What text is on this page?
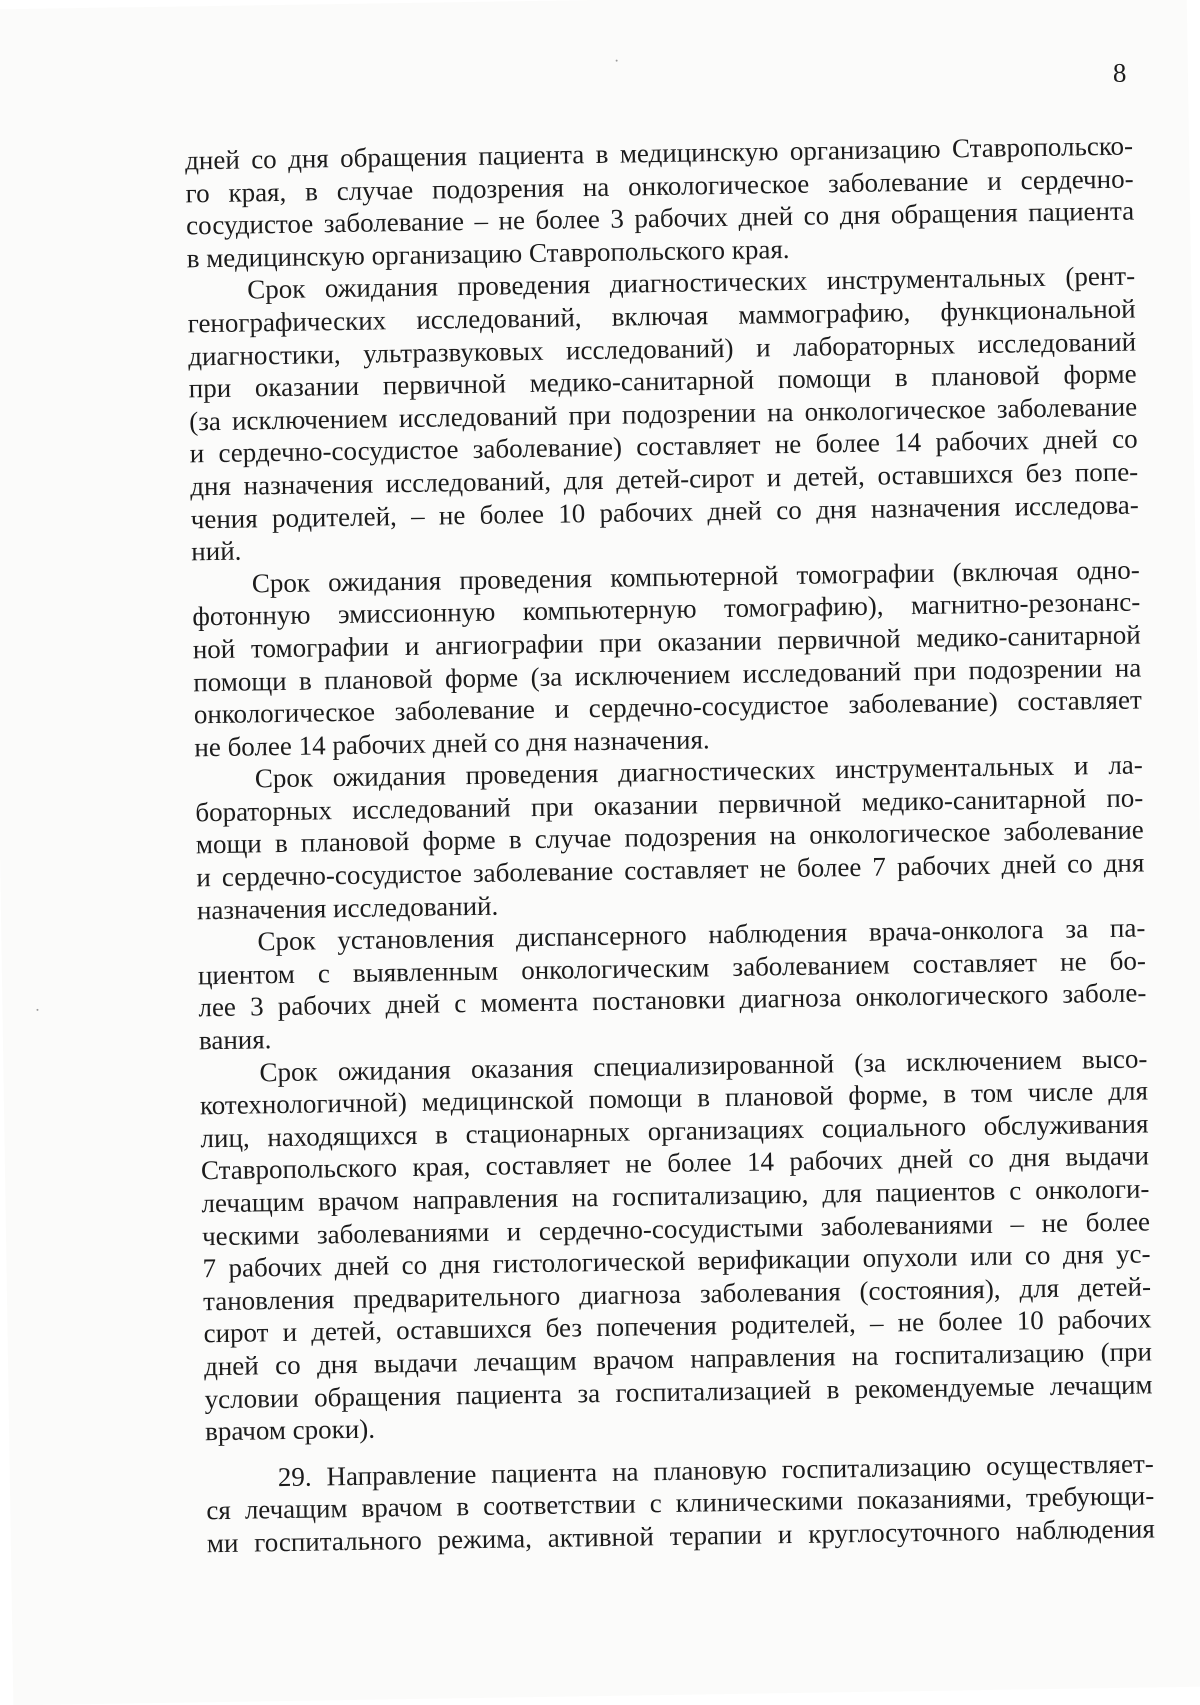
8
дней со дня обращения пациента в медицинскую организацию Ставропольско-
го края, в случае подозрения на онкологическое заболевание и сердечно-
сосудистое заболевание – не более 3 рабочих дней со дня обращения пациента
в медицинскую организацию Ставропольского края.
Срок ожидания проведения диагностических инструментальных (рент-
генографических исследований, включая маммографию, функциональной
диагностики, ультразвуковых исследований) и лабораторных исследований
при оказании первичной медико-санитарной помощи в плановой форме
(за исключением исследований при подозрении на онкологическое заболевание
и сердечно-сосудистое заболевание) составляет не более 14 рабочих дней со
дня назначения исследований, для детей-сирот и детей, оставшихся без попе-
чения родителей, – не более 10 рабочих дней со дня назначения исследова-
ний.
Срок ожидания проведения компьютерной томографии (включая одно-
фотонную эмиссионную компьютерную томографию), магнитно-резонанс-
ной томографии и ангиографии при оказании первичной медико-санитарной
помощи в плановой форме (за исключением исследований при подозрении на
онкологическое заболевание и сердечно-сосудистое заболевание) составляет
не более 14 рабочих дней со дня назначения.
Срок ожидания проведения диагностических инструментальных и ла-
бораторных исследований при оказании первичной медико-санитарной по-
мощи в плановой форме в случае подозрения на онкологическое заболевание
и сердечно-сосудистое заболевание составляет не более 7 рабочих дней со дня
назначения исследований.
Срок установления диспансерного наблюдения врача-онколога за па-
циентом с выявленным онкологическим заболеванием составляет не бо-
лее 3 рабочих дней с момента постановки диагноза онкологического заболе-
вания.
Срок ожидания оказания специализированной (за исключением высо-
котехнологичной) медицинской помощи в плановой форме, в том числе для
лиц, находящихся в стационарных организациях социального обслуживания
Ставропольского края, составляет не более 14 рабочих дней со дня выдачи
лечащим врачом направления на госпитализацию, для пациентов с онкологи-
ческими заболеваниями и сердечно-сосудистыми заболеваниями – не более
7 рабочих дней со дня гистологической верификации опухоли или со дня ус-
тановления предварительного диагноза заболевания (состояния), для детей-
сирот и детей, оставшихся без попечения родителей, – не более 10 рабочих
дней со дня выдачи лечащим врачом направления на госпитализацию (при
условии обращения пациента за госпитализацией в рекомендуемые лечащим
врачом сроки).
29. Направление пациента на плановую госпитализацию осуществляет-
ся лечащим врачом в соответствии с клиническими показаниями, требующи-
ми госпитального режима, активной терапии и круглосуточного наблюдения
